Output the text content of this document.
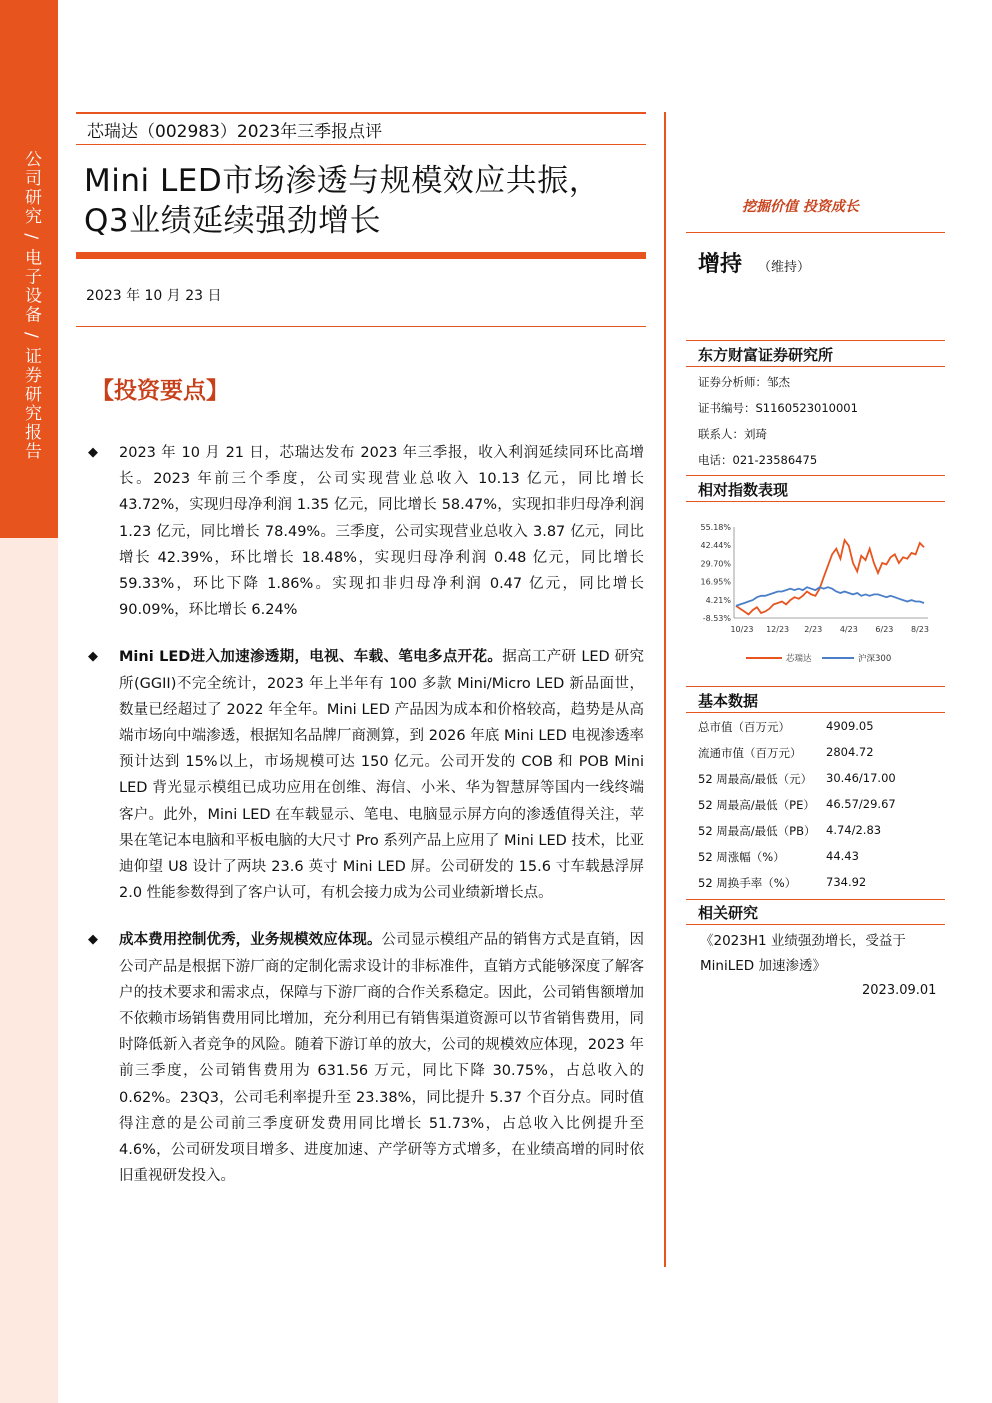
公司研究 / 电子设备 / 证券研究报告
芯瑞达（002983）2023年三季报点评
Mini LED市场渗透与规模效应共振，Q3业绩延续强劲增长
2023 年 10 月 23 日
【投资要点】
◆ 2023 年 10 月 21 日，芯瑞达发布 2023 年三季报，收入利润延续同环比高增长。2023 年前三个季度，公司实现营业总收入 10.13 亿元，同比增长 43.72%，实现归母净利润 1.35 亿元，同比增长 58.47%，实现扣非归母净利润 1.23 亿元，同比增长 78.49%。三季度，公司实现营业总收入 3.87 亿元，同比增长 42.39%，环比增长 18.48%，实现归母净利润 0.48 亿元，同比增长 59.33%，环比下降 1.86%。实现扣非归母净利润 0.47 亿元，同比增长 90.09%，环比增长 6.24%
◆ Mini LED进入加速渗透期，电视、车载、笔电多点开花。据高工产研 LED 研究所(GGII)不完全统计，2023 年上半年有 100 多款 Mini/Micro LED 新品面世，数量已经超过了 2022 年全年。Mini LED 产品因为成本和价格较高，趋势是从高端市场向中端渗透，根据知名品牌厂商测算，到 2026 年底 Mini LED 电视渗透率预计达到 15%以上，市场规模可达 150 亿元。公司开发的 COB 和 POB Mini LED 背光显示模组已成功应用在创维、海信、小米、华为智慧屏等国内一线终端客户。此外，Mini LED 在车载显示、笔电、电脑显示屏方向的渗透值得关注，苹果在笔记本电脑和平板电脑的大尺寸 Pro 系列产品上应用了 Mini LED 技术，比亚迪仰望 U8 设计了两块 23.6 英寸 Mini LED 屏。公司研发的 15.6 寸车载悬浮屏 2.0 性能参数得到了客户认可，有机会接力成为公司业绩新增长点。
◆ 成本费用控制优秀，业务规模效应体现。公司显示模组产品的销售方式是直销，因公司产品是根据下游厂商的定制化需求设计的非标准件，直销方式能够深度了解客户的技术要求和需求点，保障与下游厂商的合作关系稳定。因此，公司销售额增加不依赖市场销售费用同比增加，充分利用已有销售渠道资源可以节省销售费用，同时降低新入者竞争的风险。随着下游订单的放大，公司的规模效应体现，2023 年前三季度，公司销售费用为 631.56 万元，同比下降 30.75%，占总收入的 0.62%。23Q3，公司毛利率提升至 23.38%，同比提升 5.37 个百分点。同时值得注意的是公司前三季度研发费用同比增长 51.73%，占总收入比例提升至 4.6%，公司研发项目增多、进度加速、产学研等方式增多，在业绩高增的同时依旧重视研发投入。
挖掘价值 投资成长
增持 （维持）
东方财富证券研究所
证券分析师：邹杰
证书编号：S1160523010001
联系人：刘琦
电话：021-23586475
相对指数表现
55.18%
42.44%
29.70%
16.95%
4.21%
-8.53%
10/23 12/23 2/23 4/23 6/23 8/23
芯瑞达	沪深300
基本数据
总市值（百万元）	4909.05
流通市值（百万元） 2804.72
52 周最高/最低（元） 30.46/17.00
52 周最高/最低（PE） 46.57/29.67
52 周最高/最低（PB） 4.74/2.83
52 周涨幅（%）	44.43
52 周换手率（%）	734.92
相关研究
《2023H1 业绩强劲增长，受益于 MiniLED 加速渗透》
2023.09.01
